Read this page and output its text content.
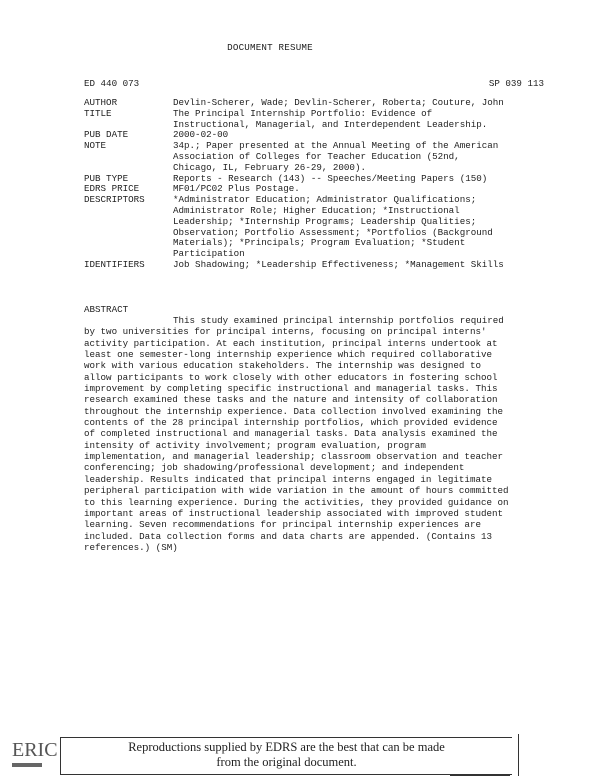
DOCUMENT RESUME
ED 440 073	SP 039 113
AUTHOR	Devlin-Scherer, Wade; Devlin-Scherer, Roberta; Couture, John
TITLE	The Principal Internship Portfolio: Evidence of
Instructional, Managerial, and Interdependent Leadership.
PUB DATE	2000-02-00
NOTE	34p.; Paper presented at the Annual Meeting of the American
Association of Colleges for Teacher Education (52nd,
Chicago, IL, February 26-29, 2000).
PUB TYPE	Reports - Research (143) -- Speeches/Meeting Papers (150)
EDRS PRICE	MF01/PC02 Plus Postage.
DESCRIPTORS	*Administrator Education; Administrator Qualifications;
Administrator Role; Higher Education; *Instructional
Leadership; *Internship Programs; Leadership Qualities;
Observation; Portfolio Assessment; *Portfolios (Background
Materials); *Principals; Program Evaluation; *Student
Participation
IDENTIFIERS	Job Shadowing; *Leadership Effectiveness; *Management Skills
ABSTRACT
This study examined principal internship portfolios required
by two universities for principal interns, focusing on principal interns'
activity participation. At each institution, principal interns undertook at
least one semester-long internship experience which required collaborative
work with various education stakeholders. The internship was designed to
allow participants to work closely with other educators in fostering school
improvement by completing specific instructional and managerial tasks. This
research examined these tasks and the nature and intensity of collaboration
throughout the internship experience. Data collection involved examining the
contents of the 28 principal internship portfolios, which provided evidence
of completed instructional and managerial tasks. Data analysis examined the
intensity of activity involvement; program evaluation, program
implementation, and managerial leadership; classroom observation and teacher
conferencing; job shadowing/professional development; and independent
leadership. Results indicated that principal interns engaged in legitimate
peripheral participation with wide variation in the amount of hours committed
to this learning experience. During the activities, they provided guidance on
important areas of instructional leadership associated with improved student
learning. Seven recommendations for principal internship experiences are
included. Data collection forms and data charts are appended. (Contains 13
references.) (SM)
ERIC	Reproductions supplied by EDRS are the best that can be made
from the original document.
